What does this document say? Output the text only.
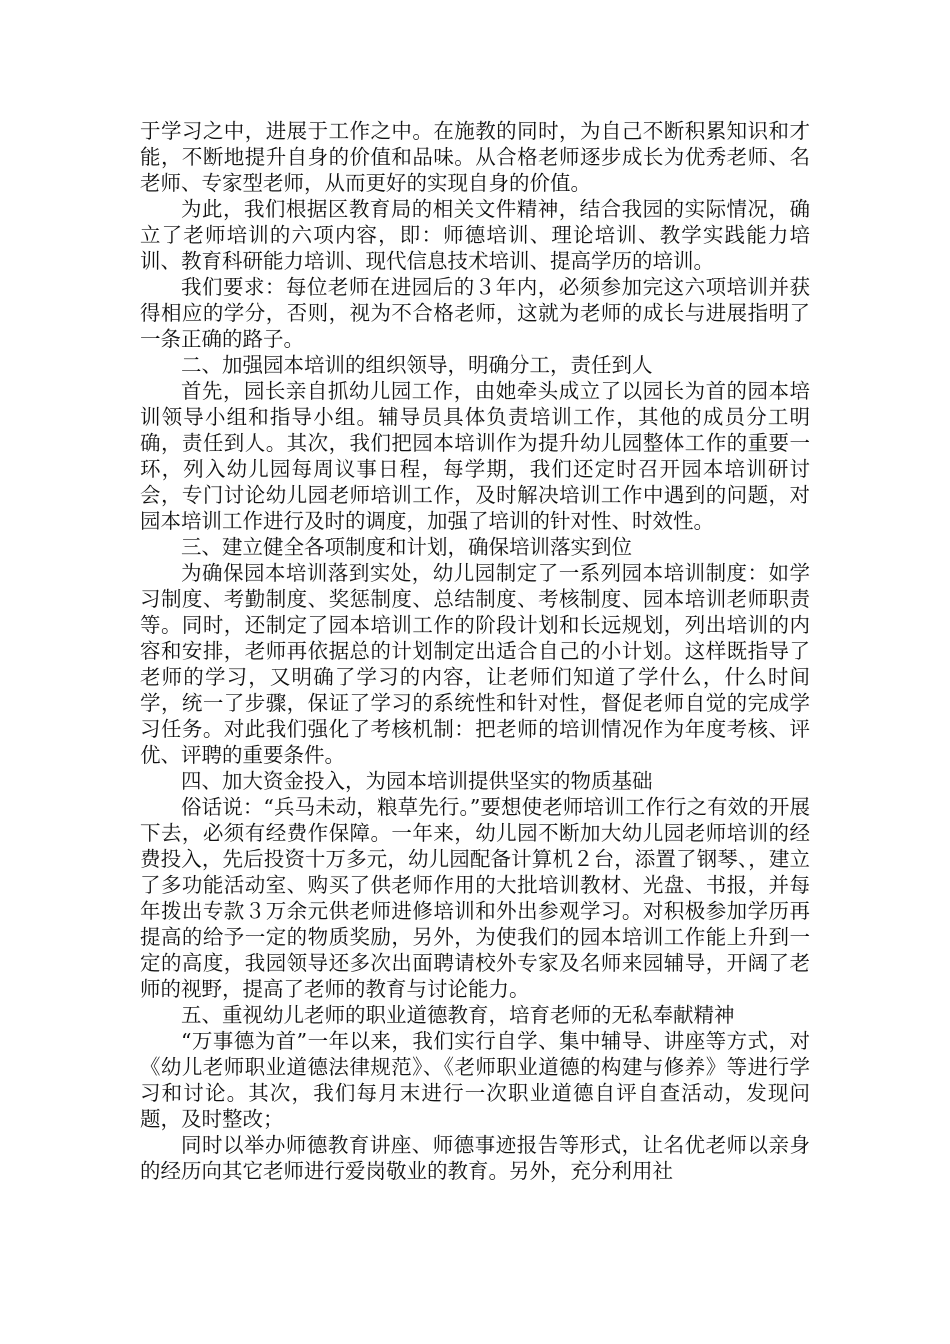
于学习之中，进展于工作之中。在施教的同时，为自己不断积累知识和才能，不断地提升自身的价值和品味。从合格老师逐步成长为优秀老师、名老师、专家型老师，从而更好的实现自身的价值。

为此，我们根据区教育局的相关文件精神，结合我园的实际情况，确立了老师培训的六项内容，即：师德培训、理论培训、教学实践能力培训、教育科研能力培训、现代信息技术培训、提高学历的培训。

我们要求：每位老师在进园后的３年内，必须参加完这六项培训并获得相应的学分，否则，视为不合格老师，这就为老师的成长与进展指明了一条正确的路子。

二、加强园本培训的组织领导，明确分工，责任到人

首先，园长亲自抓幼儿园工作，由她牵头成立了以园长为首的园本培训领导小组和指导小组。辅导员具体负责培训工作，其他的成员分工明确，责任到人。其次，我们把园本培训作为提升幼儿园整体工作的重要一环，列入幼儿园每周议事日程，每学期，我们还定时召开园本培训研讨会，专门讨论幼儿园老师培训工作，及时解决培训工作中遇到的问题，对园本培训工作进行及时的调度，加强了培训的针对性、时效性。

三、建立健全各项制度和计划，确保培训落实到位

为确保园本培训落到实处，幼儿园制定了一系列园本培训制度：如学习制度、考勤制度、奖惩制度、总结制度、考核制度、园本培训老师职责等。同时，还制定了园本培训工作的阶段计划和长远规划，列出培训的内容和安排，老师再依据总的计划制定出适合自己的小计划。这样既指导了老师的学习，又明确了学习的内容，让老师们知道了学什么，什么时间学，统一了步骤，保证了学习的系统性和针对性，督促老师自觉的完成学习任务。对此我们强化了考核机制：把老师的培训情况作为年度考核、评优、评聘的重要条件。

四、加大资金投入，为园本培训提供坚实的物质基础

俗话说：“兵马未动，粮草先行。”要想使老师培训工作行之有效的开展下去，必须有经费作保障。一年来，幼儿园不断加大幼儿园老师培训的经费投入，先后投资十万多元，幼儿园配备计算机２台，添置了钢琴、，建立了多功能活动室、购买了供老师作用的大批培训教材、光盘、书报，并每年拨出专款３万余元供老师进修培训和外出参观学习。对积极参加学历再提高的给予一定的物质奖励，另外，为使我们的园本培训工作能上升到一定的高度，我园领导还多次出面聘请校外专家及名师来园辅导，开阔了老师的视野，提高了老师的教育与讨论能力。

五、重视幼儿老师的职业道德教育，培育老师的无私奉献精神

“万事德为首”一年以来，我们实行自学、集中辅导、讲座等方式，对《幼儿老师职业道德法律规范》、《老师职业道德的构建与修养》等进行学习和讨论。其次，我们每月末进行一次职业道德自评自查活动，发现问题，及时整改；

同时以举办师德教育讲座、师德事迹报告等形式，让名优老师以亲身的经历向其它老师进行爱岗敬业的教育。另外，充分利用社
